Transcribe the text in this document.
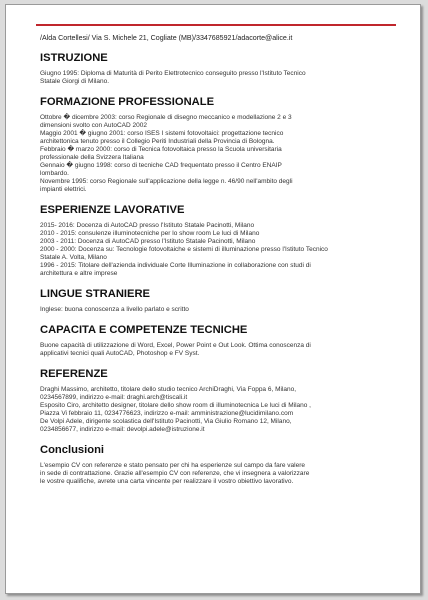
/Alda Cortellesi/ Via S. Michele 21, Cogliate (MB)/3347685921/adacorte@alice.it

ISTRUZIONE

Giugno 1995: Diploma di Maturità di Perito Elettrotecnico conseguito presso l'Istituto Tecnico

Statale Giorgi di Milano.

FORMAZIONE PROFESSIONALE

Ottobre � dicembre 2003: corso Regionale di disegno meccanico e modellazione 2 e 3

dimensioni svolto con AutoCAD 2002

Maggio 2001 � giugno 2001: corso ISES I sistemi fotovoltaici: progettazione tecnico

architettonica tenuto presso il Collegio Periti Industriali della Provincia di Bologna.

Febbraio � marzo 2000: corso di Tecnica fotovoltaica presso la Scuola universitaria

professionale della Svizzera Italiana

Gennaio � giugno 1998: corso di tecniche CAD frequentato presso il Centro ENAIP

lombardo.

Novembre 1995: corso Regionale sull'applicazione della legge n. 46/90 nell'ambito degli

impianti elettrici.

ESPERIENZE LAVORATIVE

2015- 2016: Docenza di AutoCAD presso l'Istituto Statale Pacinotti, Milano

2010 - 2015: consulenze illuminotecniche per lo show room Le luci di Milano

2003 - 2011: Docenza di AutoCAD presso l'Istituto Statale Pacinotti, Milano

2000 - 2000: Docenza su: Tecnologie fotovoltaiche e sistemi di illuminazione presso l'Istituto Tecnico

Statale A. Volta, Milano

1996 - 2015: Titolare dell'azienda individuale Corte Illuminazione in collaborazione con studi di

architettura e altre imprese

LINGUE STRANIERE

Inglese: buona conoscenza a livello parlato e scritto

CAPACITA E COMPETENZE TECNICHE

Buone capacità di utilizzazione di Word, Excel, Power Point e Out Look. Ottima conoscenza di

applicativi tecnici quali AutoCAD, Photoshop e FV Syst.

REFERENZE

Draghi Massimo, architetto, titolare dello studio tecnico ArchiDraghi, Via Foppa 6, Milano,

0234567899, indirizzo e-mail: draghi.arch@tiscali.it

Esposito Ciro, architetto designer, titolare dello show room di illuminotecnica Le luci di Milano ,

Piazza Vi febbraio 11, 0234776623, indirizzo e-mail: amministrazione@lucidimilano.com

De Volpi Adele, dirigente scolastica dell'Istituto Pacinotti, Via Giulio Romano 12, Milano,

0234856677, indirizzo e-mail: devolpi.adele@istruzione.it

Conclusioni

L'esempio CV con referenze e stato pensato per chi ha esperienze sul campo da fare valere

in sede di contrattazione. Grazie all'esempio CV con referenze, che vi insegnera a valorizzare

le vostre qualifiche, avrete una carta vincente per realizzare il vostro obiettivo lavorativo.
